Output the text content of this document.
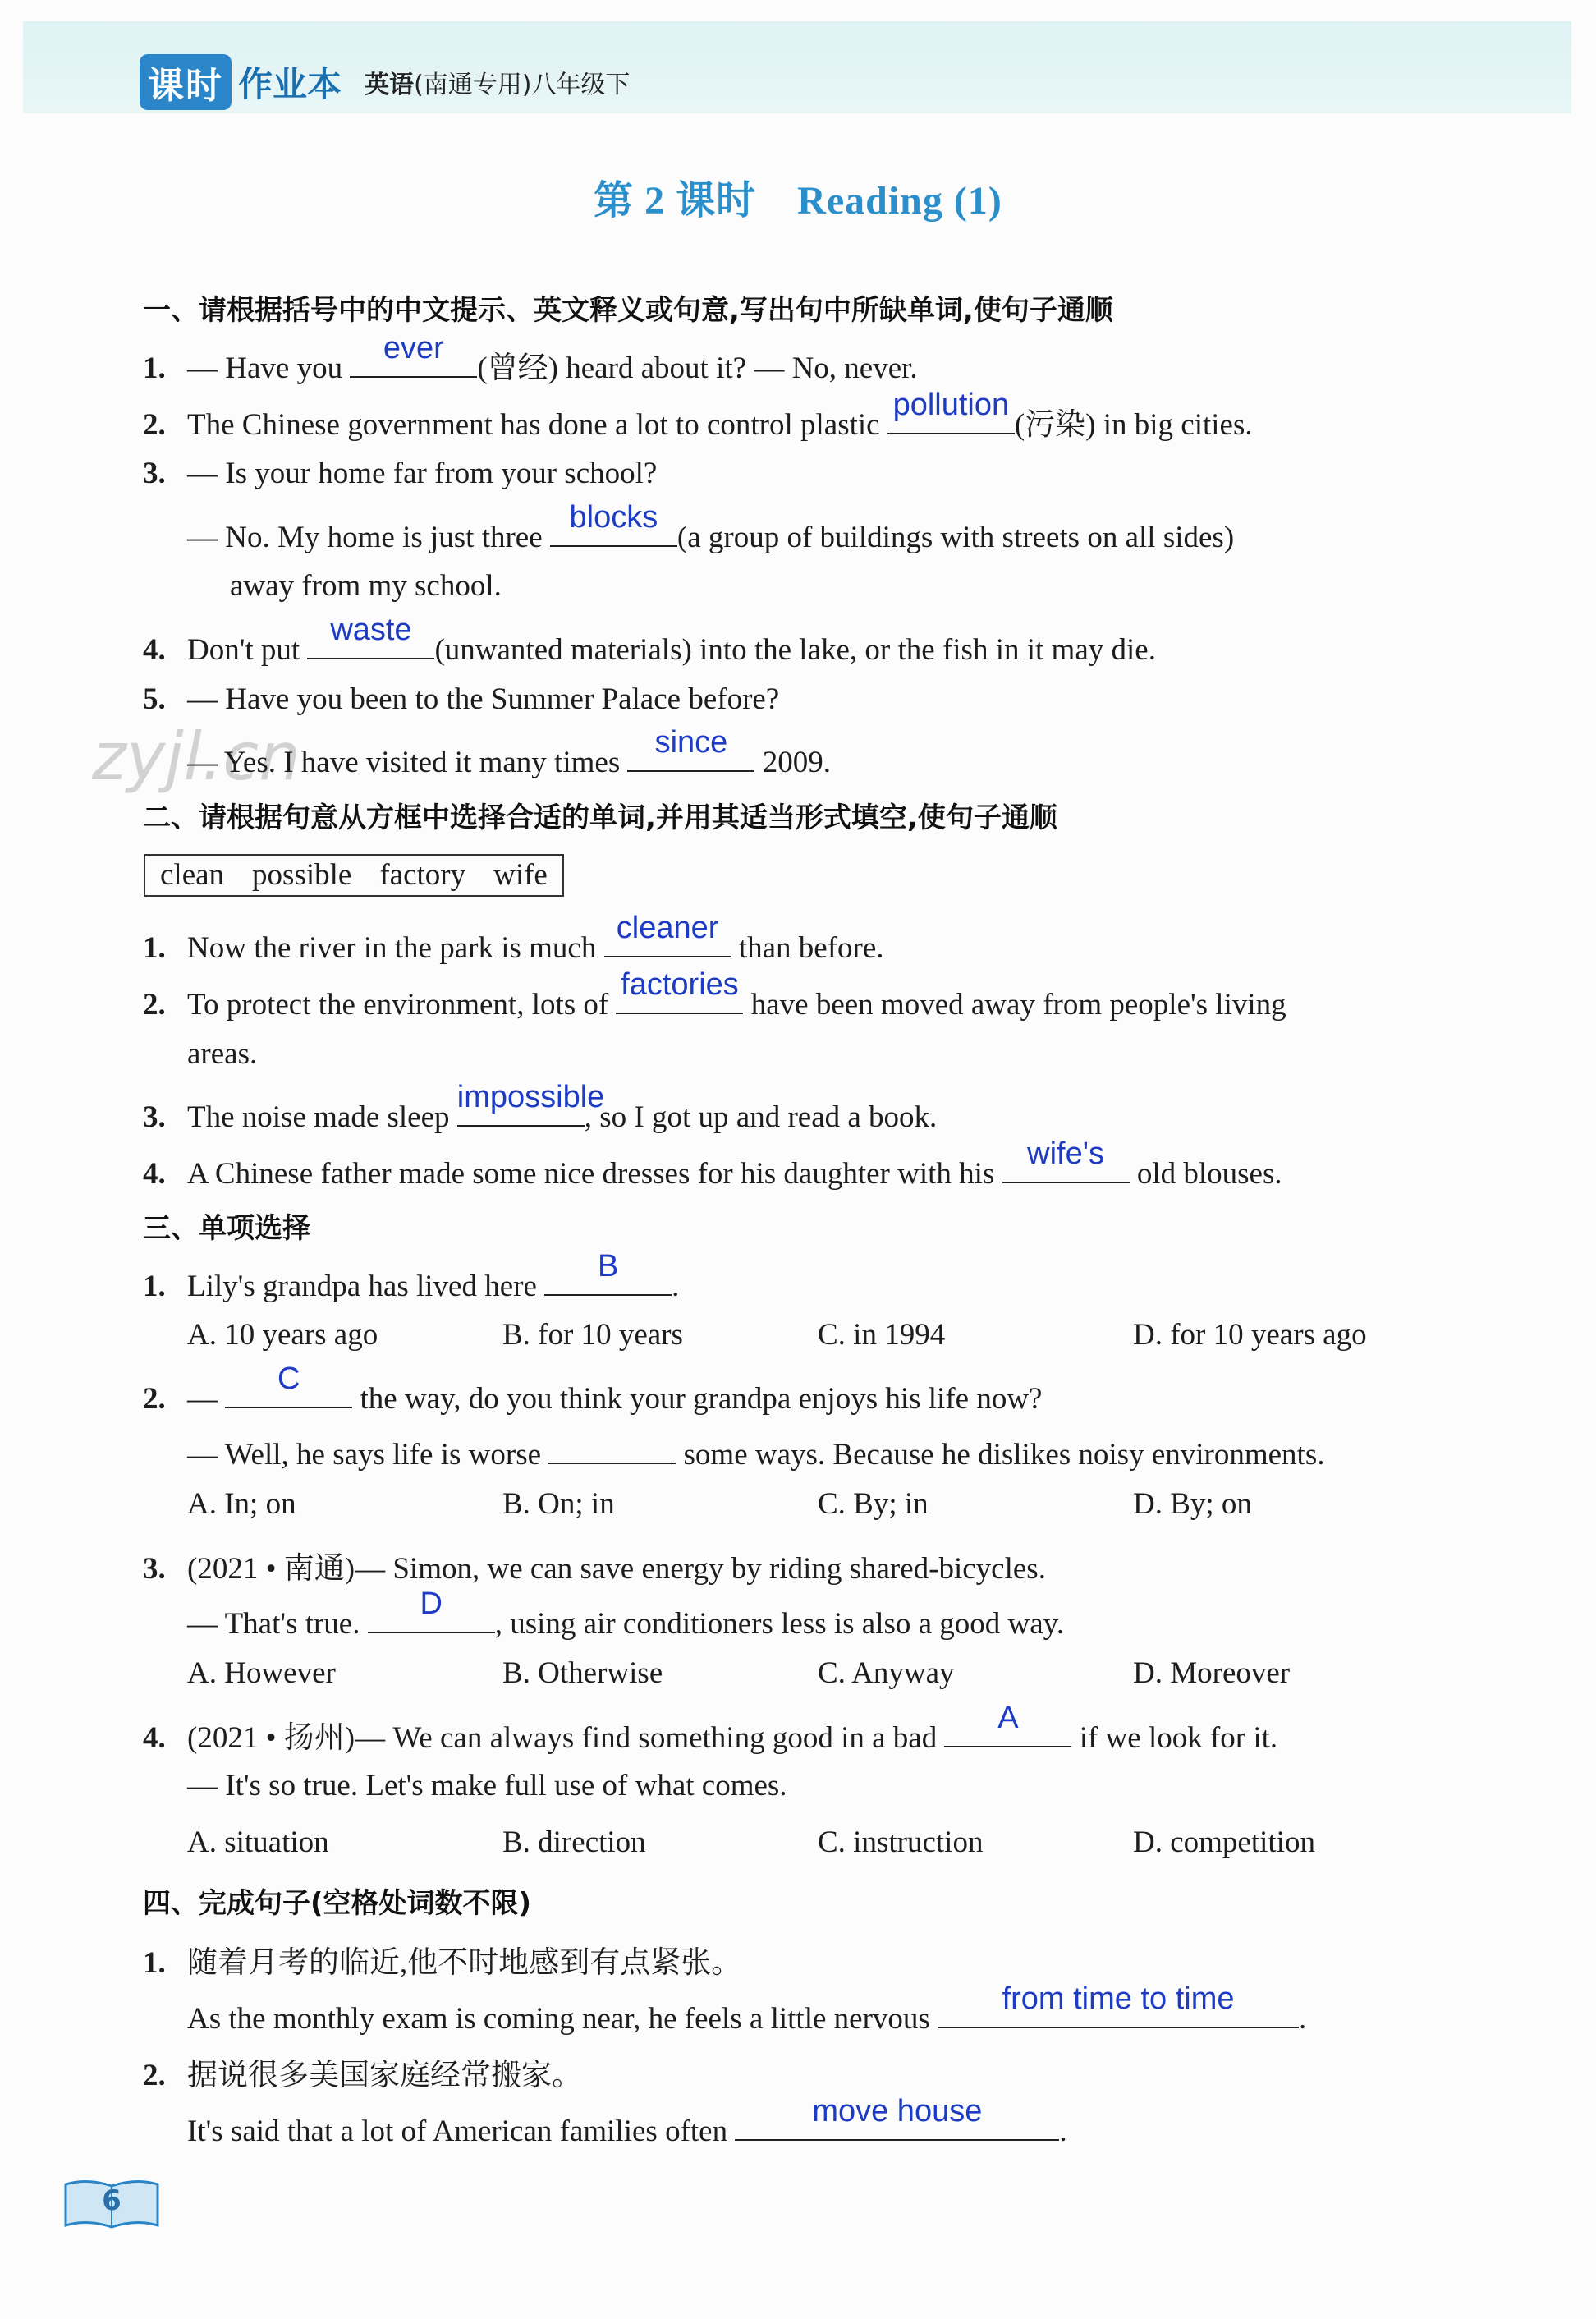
课时 作业本 英语(南通专用)八年级下
第 2 课时 Reading (1)
zyjl.cn
一、请根据括号中的中文提示、英文释义或句意,写出句中所缺单词,使句子通顺
1. — Have you
ever
(曾经) heard about it? — No, never.
2. The Chinese government has done a lot to control plastic
pollution
(污染) in big cities.
3. — Is your home far from your school?
— No. My home is just three
blocks
(a group of buildings with streets on all sides)
away from my school.
4. Don't put
waste
(unwanted materials) into the lake, or the fish in it may die.
5. — Have you been to the Summer Palace before?
— Yes. I have visited it many times
since
2009.
二、请根据句意从方框中选择合适的单词,并用其适当形式填空,使句子通顺
clean possible factory wife
1. Now the river in the park is much
cleaner
than before.
2. To protect the environment, lots of
factories
have been moved away from people's living
areas.
3. The noise made sleep
impossible
, so I got up and read a book.
4. A Chinese father made some nice dresses for his daughter with his
wife's
old blouses.
三、单项选择
1. Lily's grandpa has lived here
B
.
A. 10 years ago	B. for 10 years	C. in 1994	D. for 10 years ago
2. —
C
the way, do you think your grandpa enjoys his life now?
— Well, he says life is worse	some ways. Because he dislikes noisy environments.
A. In; on	B. On; in	C. By; in	D. By; on
3. (2021 • 南通)— Simon, we can save energy by riding shared-bicycles.
— That's true.
D
, using air conditioners less is also a good way.
A. However	B. Otherwise	C. Anyway	D. Moreover
4. (2021 • 扬州)— We can always find something good in a bad
A
if we look for it.
— It's so true. Let's make full use of what comes.
A. situation	B. direction	C. instruction	D. competition
四、完成句子(空格处词数不限)
1. 随着月考的临近,他不时地感到有点紧张。
As the monthly exam is coming near, he feels a little nervous
from time to time
.
2. 据说很多美国家庭经常搬家。
It's said that a lot of American families often
move house
.
6
